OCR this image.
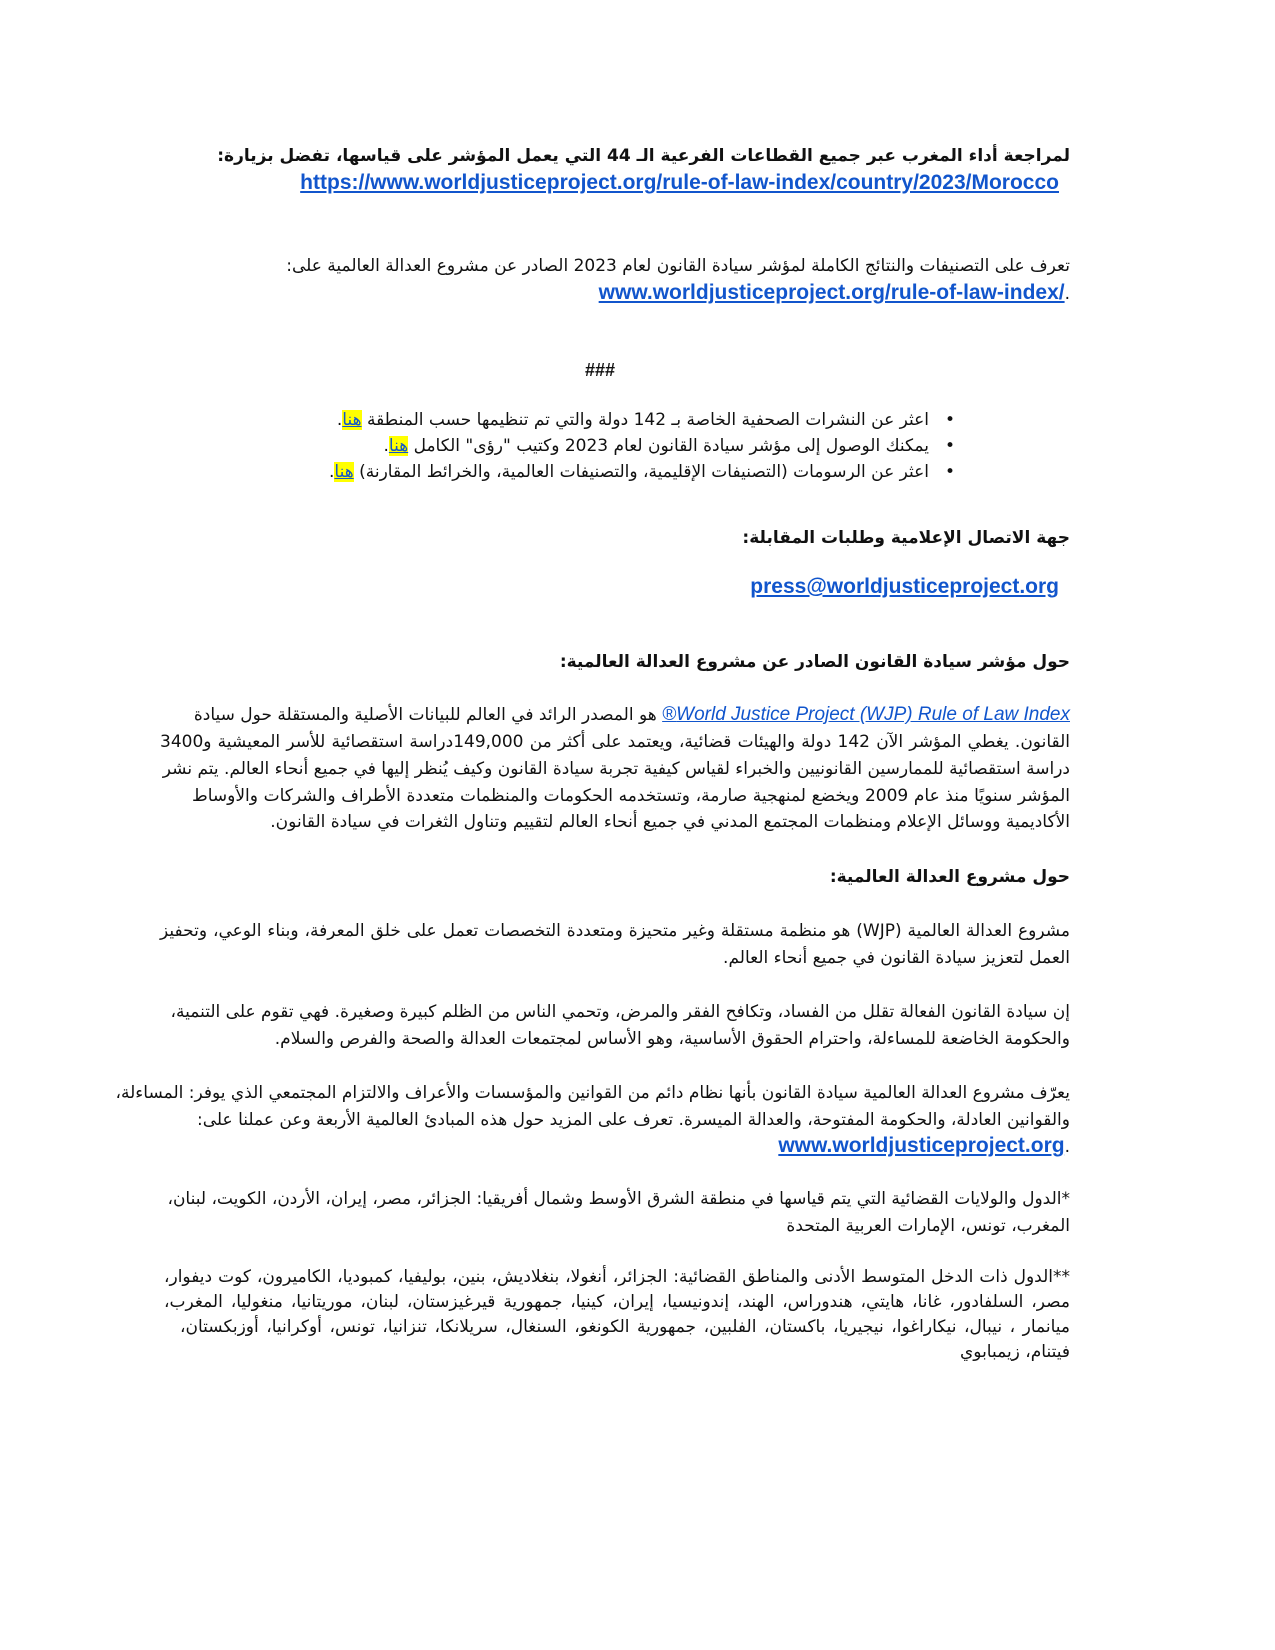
لمراجعة أداء المغرب عبر جميع القطاعات الفرعية الـ 44 التي يعمل المؤشر على قياسها، تفضل بزيارة:
https://www.worldjusticeproject.org/rule-of-law-index/country/2023/Morocco
تعرف على التصنيفات والنتائج الكاملة لمؤشر سيادة القانون لعام 2023 الصادر عن مشروع العدالة العالمية على:
.www.worldjusticeproject.org/rule-of-law-index/
###
•
اعثر عن النشرات الصحفية الخاصة بـ 142 دولة والتي تم تنظيمها حسب المنطقة هنا.
•
يمكنك الوصول إلى مؤشر سيادة القانون لعام 2023 وكتيب "رؤى" الكامل هنا.
•
اعثر عن الرسومات (التصنيفات الإقليمية، والتصنيفات العالمية، والخرائط المقارنة) هنا.
جهة الاتصال الإعلامية وطلبات المقابلة:
press@worldjusticeproject.org
حول مؤشر سيادة القانون الصادر عن مشروع العدالة العالمية:
World Justice Project (WJP) Rule of Law Index® هو المصدر الرائد في العالم للبيانات الأصلية والمستقلة حول سيادة
القانون. يغطي المؤشر الآن 142 دولة والهيئات قضائية، ويعتمد على أكثر من 149,000دراسة استقصائية للأسر المعيشية و3400
دراسة استقصائية للممارسين القانونيين والخبراء لقياس كيفية تجربة سيادة القانون وكيف يُنظر إليها في جميع أنحاء العالم. يتم نشر
المؤشر سنويًا منذ عام 2009 ويخضع لمنهجية صارمة، وتستخدمه الحكومات والمنظمات متعددة الأطراف والشركات والأوساط
الأكاديمية ووسائل الإعلام ومنظمات المجتمع المدني في جميع أنحاء العالم لتقييم وتناول الثغرات في سيادة القانون.
حول مشروع العدالة العالمية:
مشروع العدالة العالمية (WJP) هو منظمة مستقلة وغير متحيزة ومتعددة التخصصات تعمل على خلق المعرفة، وبناء الوعي، وتحفيز
العمل لتعزيز سيادة القانون في جميع أنحاء العالم.
إن سيادة القانون الفعالة تقلل من الفساد، وتكافح الفقر والمرض، وتحمي الناس من الظلم كبيرة وصغيرة. فهي تقوم على التنمية،
والحكومة الخاضعة للمساءلة، واحترام الحقوق الأساسية، وهو الأساس لمجتمعات العدالة والصحة والفرص والسلام.
يعرّف مشروع العدالة العالمية سيادة القانون بأنها نظام دائم من القوانين والمؤسسات والأعراف والالتزام المجتمعي الذي يوفر: المساءلة،
والقوانين العادلة، والحكومة المفتوحة، والعدالة الميسرة. تعرف على المزيد حول هذه المبادئ العالمية الأربعة وعن عملنا على:
.www.worldjusticeproject.org
*الدول والولايات القضائية التي يتم قياسها في منطقة الشرق الأوسط وشمال أفريقيا: الجزائر، مصر، إيران، الأردن، الكويت، لبنان،
المغرب، تونس، الإمارات العربية المتحدة
**الدول ذات الدخل المتوسط الأدنى والمناطق القضائية: الجزائر، أنغولا، بنغلاديش، بنين، بوليفيا، كمبوديا، الكاميرون، كوت ديفوار،
مصر، السلفادور، غانا، هايتي، هندوراس، الهند، إندونيسيا، إيران، كينيا، جمهورية قيرغيزستان، لبنان، موريتانيا، منغوليا، المغرب،
ميانمار ، نيبال، نيكاراغوا، نيجيريا، باكستان، الفلبين، جمهورية الكونغو، السنغال، سريلانكا، تنزانيا، تونس، أوكرانيا، أوزبكستان،
فيتنام، زيمبابوي
